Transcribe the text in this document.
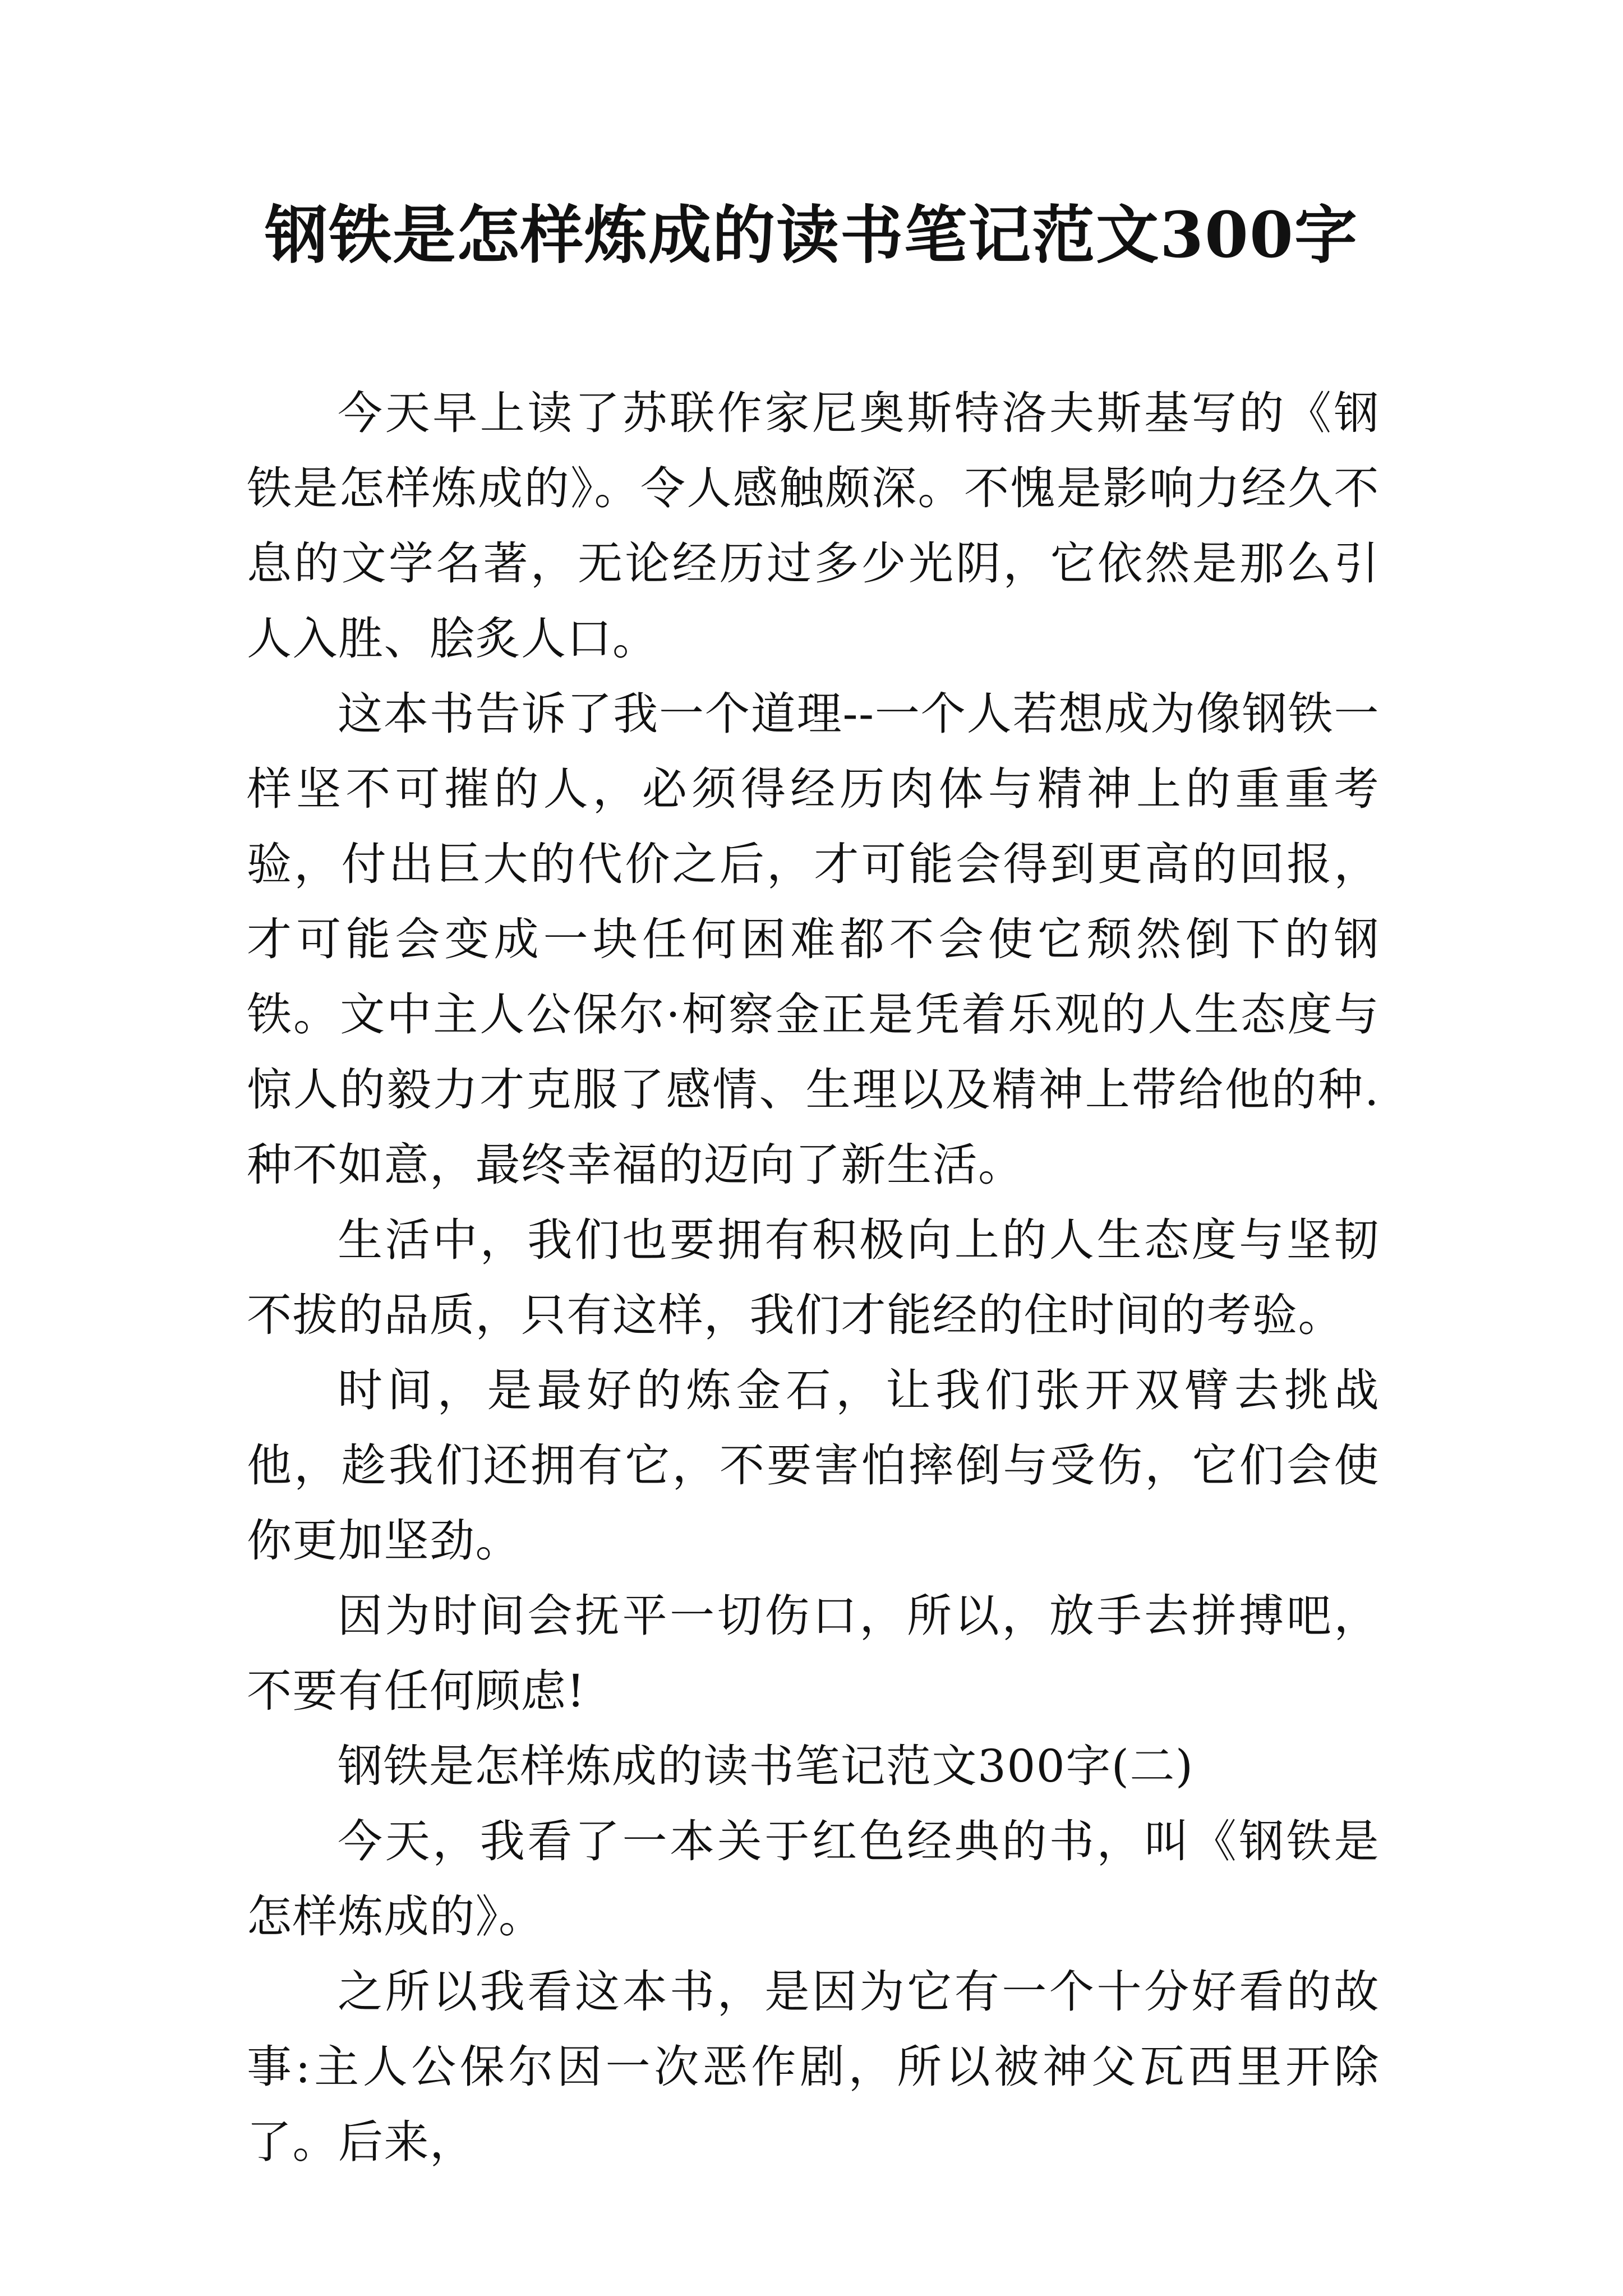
钢铁是怎样炼成的读书笔记范文300字

今天早上读了苏联作家尼奥斯特洛夫斯基写的《钢铁是怎样炼成的》。令人感触颇深。不愧是影响力经久不息的文学名著，无论经历过多少光阴，它依然是那么引人入胜、脍炙人口。

这本书告诉了我一个道理--一个人若想成为像钢铁一样坚不可摧的人，必须得经历肉体与精神上的重重考验，付出巨大的代价之后，才可能会得到更高的回报，才可能会变成一块任何困难都不会使它颓然倒下的钢铁。文中主人公保尔·柯察金正是凭着乐观的人生态度与惊人的毅力才克服了感情、生理以及精神上带给他的种.种不如意，最终幸福的迈向了新生活。

生活中，我们也要拥有积极向上的人生态度与坚韧不拔的品质，只有这样，我们才能经的住时间的考验。

时间，是最好的炼金石，让我们张开双臂去挑战他，趁我们还拥有它，不要害怕摔倒与受伤，它们会使你更加坚劲。

因为时间会抚平一切伤口，所以，放手去拼搏吧，不要有任何顾虑!

钢铁是怎样炼成的读书笔记范文300字(二)

今天，我看了一本关于红色经典的书，叫《钢铁是怎样炼成的》。

之所以我看这本书，是因为它有一个十分好看的故事:主人公保尔因一次恶作剧，所以被神父瓦西里开除了。后来，
